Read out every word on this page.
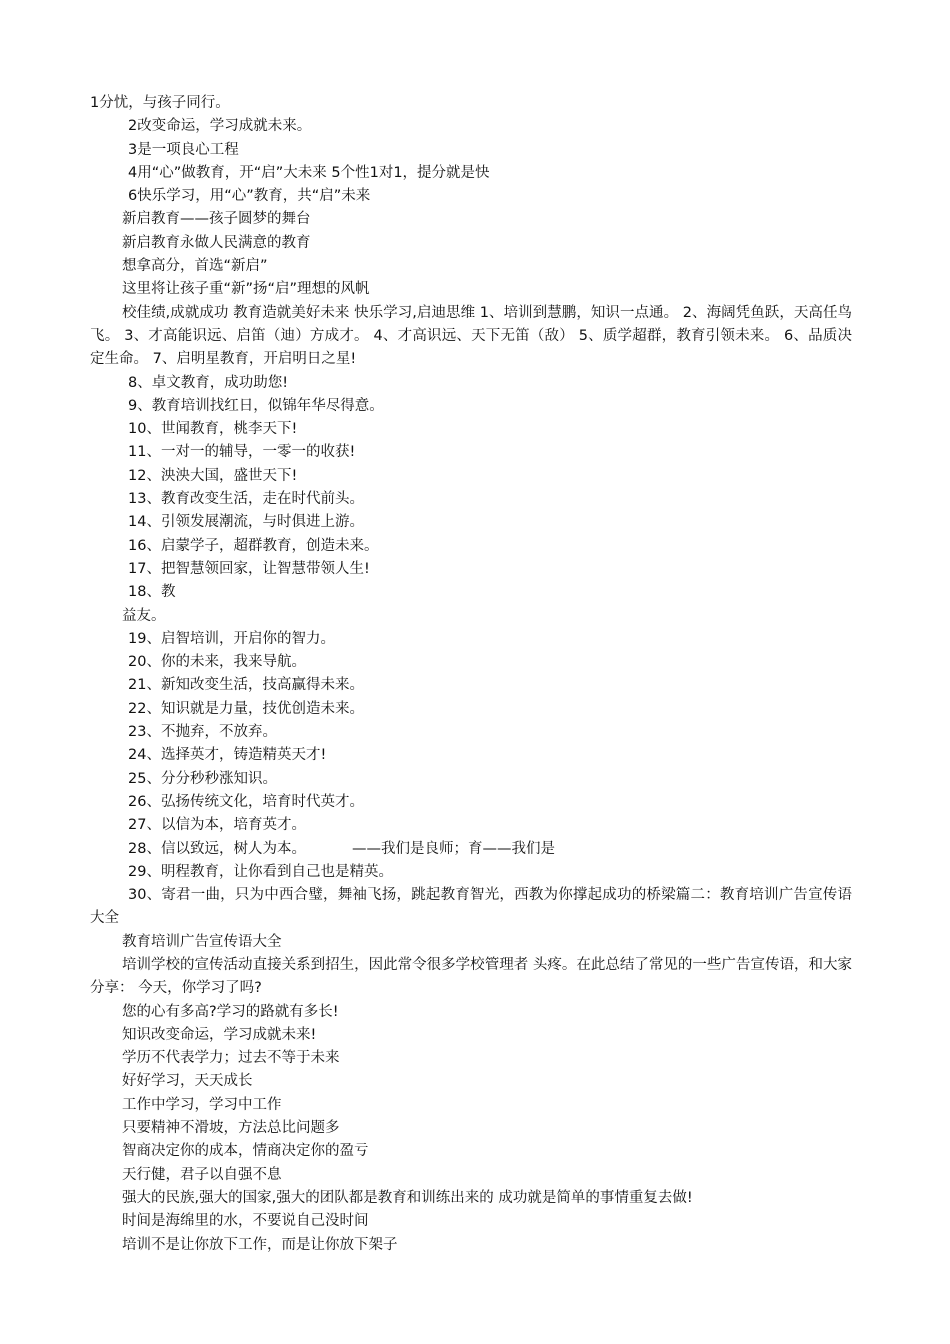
1分忧，与孩子同行。

2改变命运，学习成就未来。

3是一项良心工程

4用“心”做教育，开“启”大未来 5个性1对1，提分就是快

6快乐学习，用“心”教育，共“启”未来

新启教育——孩子圆梦的舞台

新启教育永做人民满意的教育

想拿高分，首选“新启”

这里将让孩子重“新”扬“启”理想的风帆

校佳绩,成就成功 教育造就美好未来 快乐学习,启迪思维 1、培训到慧鹏，知识一点通。 2、海阔凭鱼跃，天高任鸟飞。 3、才高能识远、启笛（迪）方成才。 4、才高识远、天下无笛（敌） 5、质学超群，教育引领未来。 6、品质决定生命。 7、启明星教育，开启明日之星!

8、卓文教育，成功助您!

9、教育培训找红日，似锦年华尽得意。

10、世闻教育，桃李天下!

11、一对一的辅导，一零一的收获!

12、泱泱大国，盛世天下!

13、教育改变生活，走在时代前头。

14、引领发展潮流，与时俱进上游。

16、启蒙学子，超群教育，创造未来。

17、把智慧领回家，让智慧带领人生!

18、教

益友。

19、启智培训，开启你的智力。

20、你的未来，我来导航。

21、新知改变生活，技高赢得未来。

22、知识就是力量，技优创造未来。

23、不抛弃，不放弃。

24、选择英才，铸造精英天才!

25、分分秒秒涨知识。

26、弘扬传统文化，培育时代英才。

27、以信为本，培育英才。

28、信以致远，树人为本。          ——我们是良师；育——我们是

29、明程教育，让你看到自己也是精英。

30、寄君一曲，只为中西合璧，舞袖飞扬，跳起教育智光，西教为你撑起成功的桥梁篇二：教育培训广告宣传语大全

教育培训广告宣传语大全

培训学校的宣传活动直接关系到招生，因此常令很多学校管理者 头疼。在此总结了常见的一些广告宣传语，和大家分享： 今天，你学习了吗?

您的心有多高?学习的路就有多长!

知识改变命运，学习成就未来!

学历不代表学力；过去不等于未来

好好学习，天天成长

工作中学习，学习中工作

只要精神不滑坡，方法总比问题多

智商决定你的成本，情商决定你的盈亏

天行健，君子以自强不息

强大的民族,强大的国家,强大的团队都是教育和训练出来的 成功就是简单的事情重复去做!

时间是海绵里的水，不要说自己没时间

培训不是让你放下工作，而是让你放下架子
